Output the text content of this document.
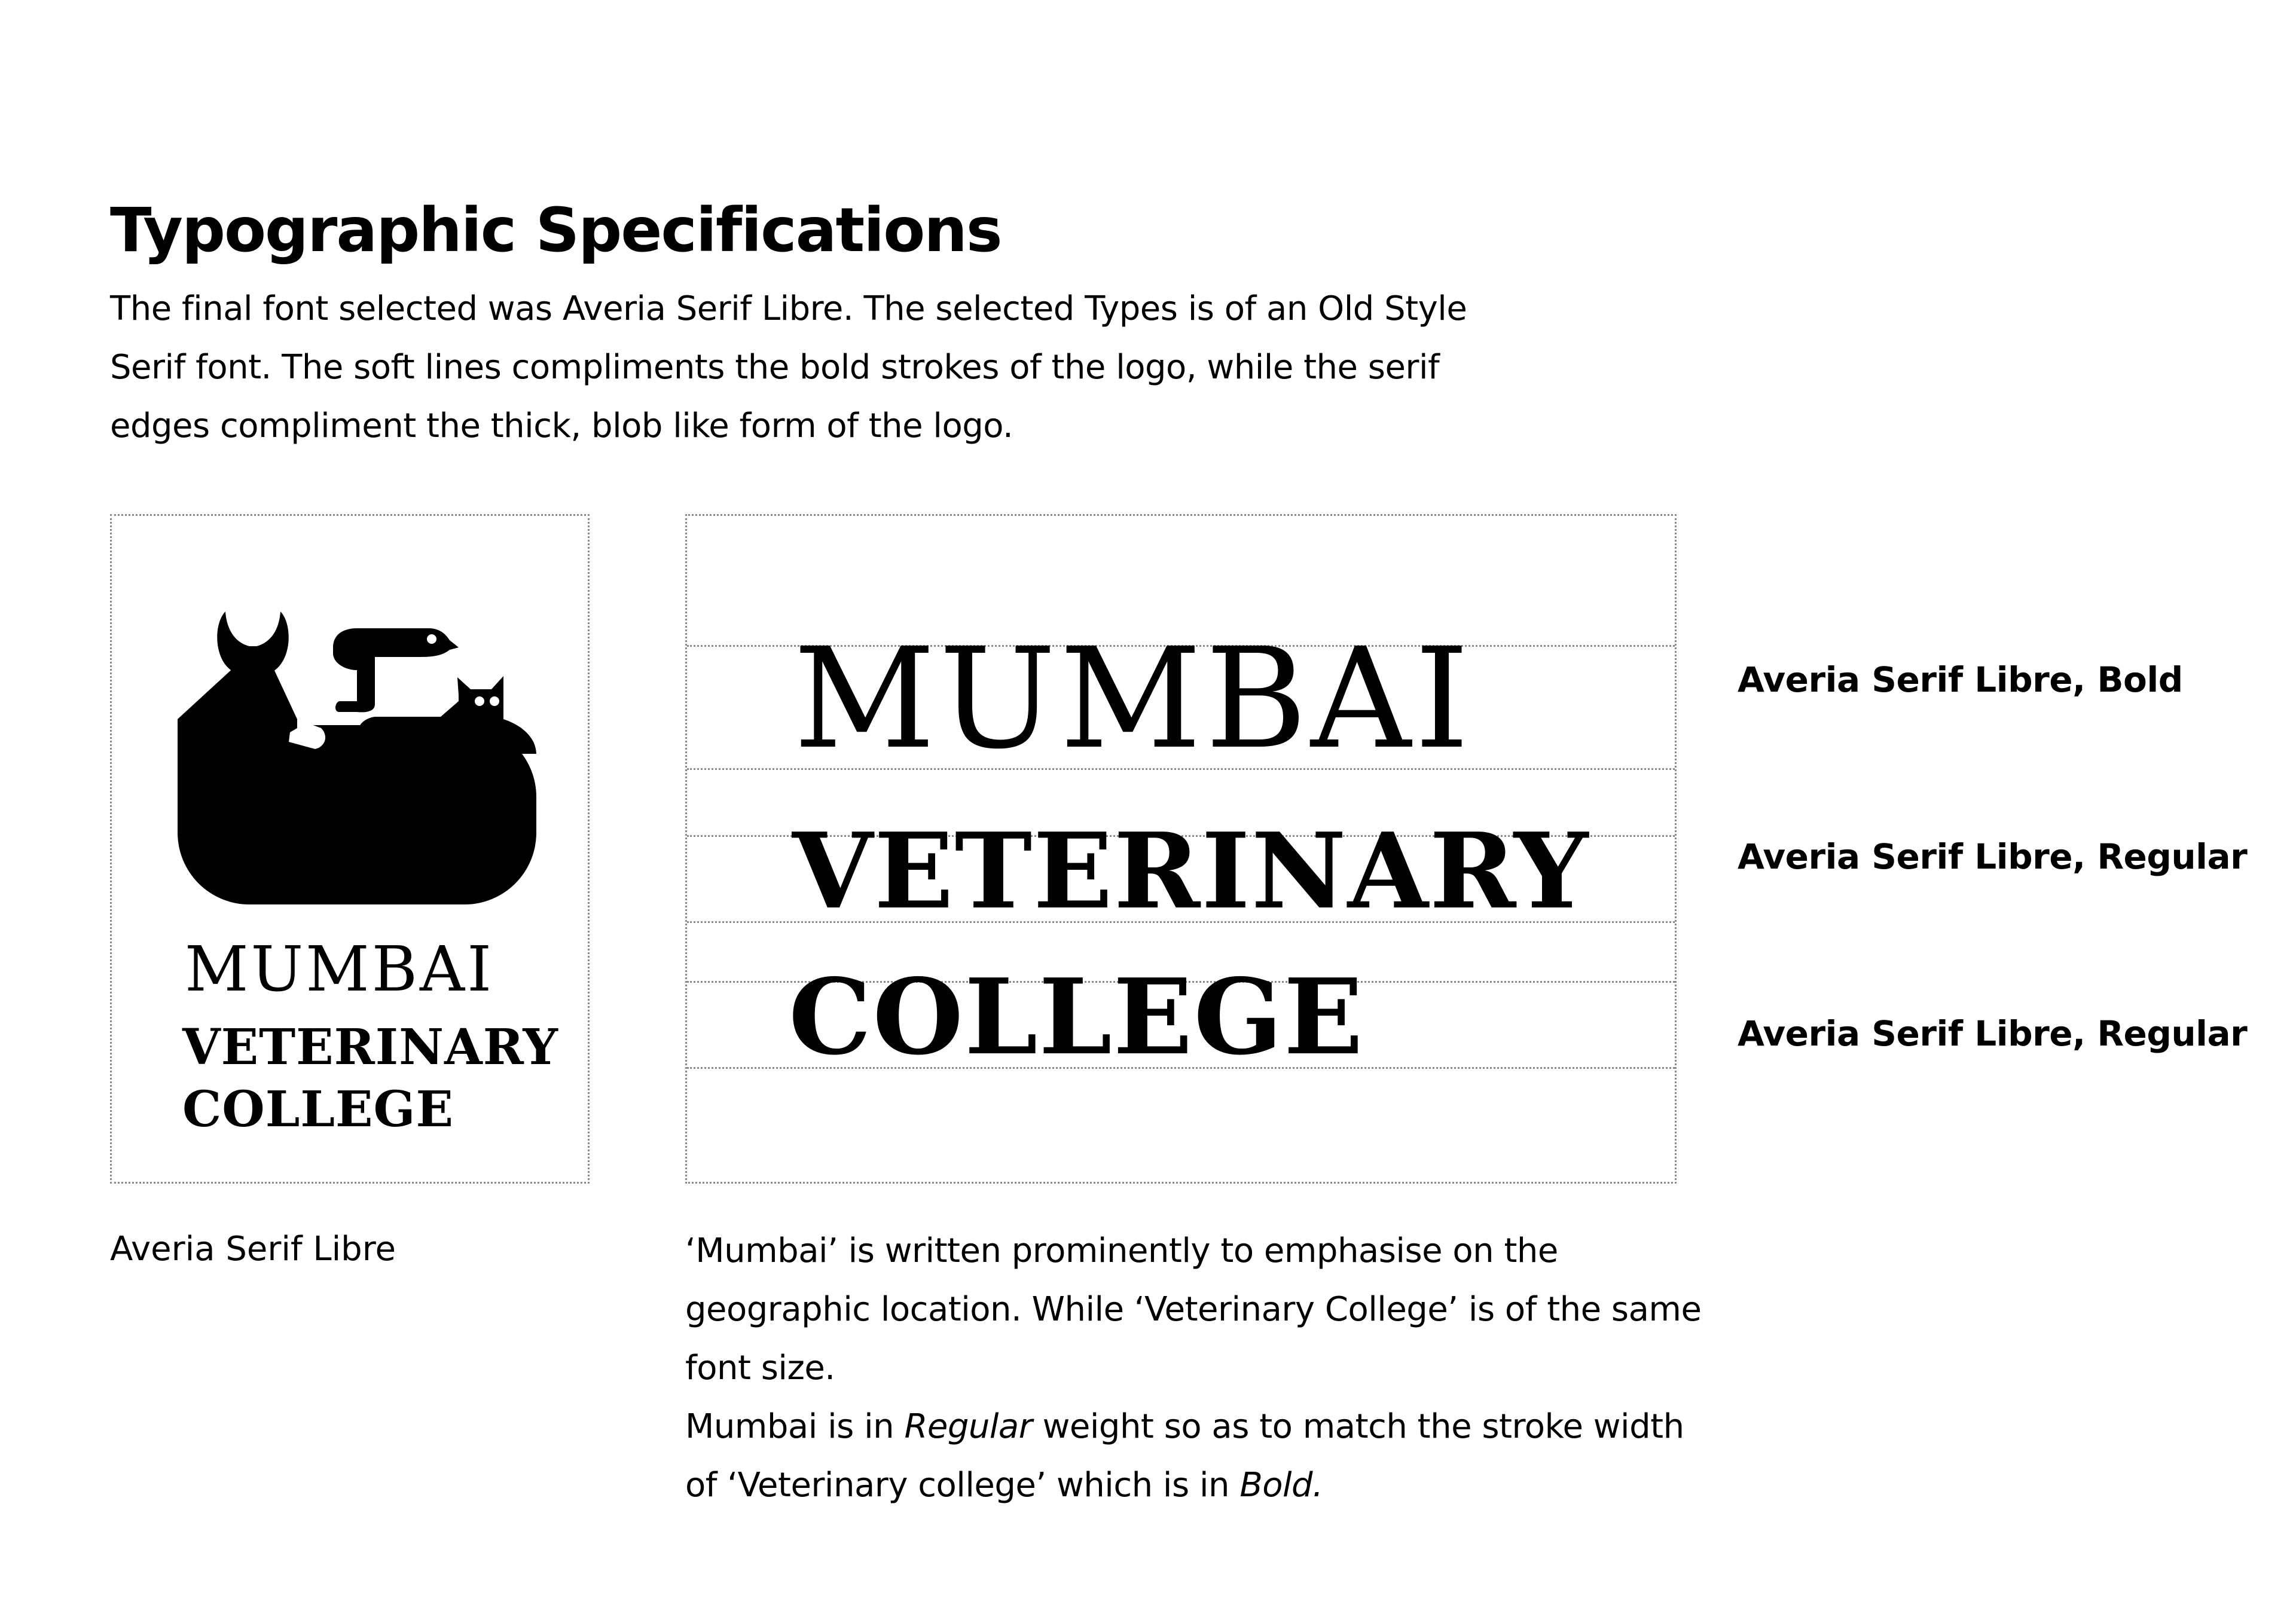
Typographic Specifications

The final font selected was Averia Serif Libre. The selected Types is of an Old Style Serif font. The soft lines compliments the bold strokes of the logo, while the serif edges compliment the thick, blob like form of the logo.

MUMBAI
VETERINARY
COLLEGE
MUMBAI
VETERINARY
COLLEGE
Averia Serif Libre, Bold
Averia Serif Libre, Regular
Averia Serif Libre, Regular
Averia Serif Libre	‘Mumbai’ is written prominently to emphasise on the geographic location. While ‘Veterinary College’ is of the same font size.

Mumbai is in Regular weight so as to match the stroke width of ‘Veterinary college’ which is in Bold.
